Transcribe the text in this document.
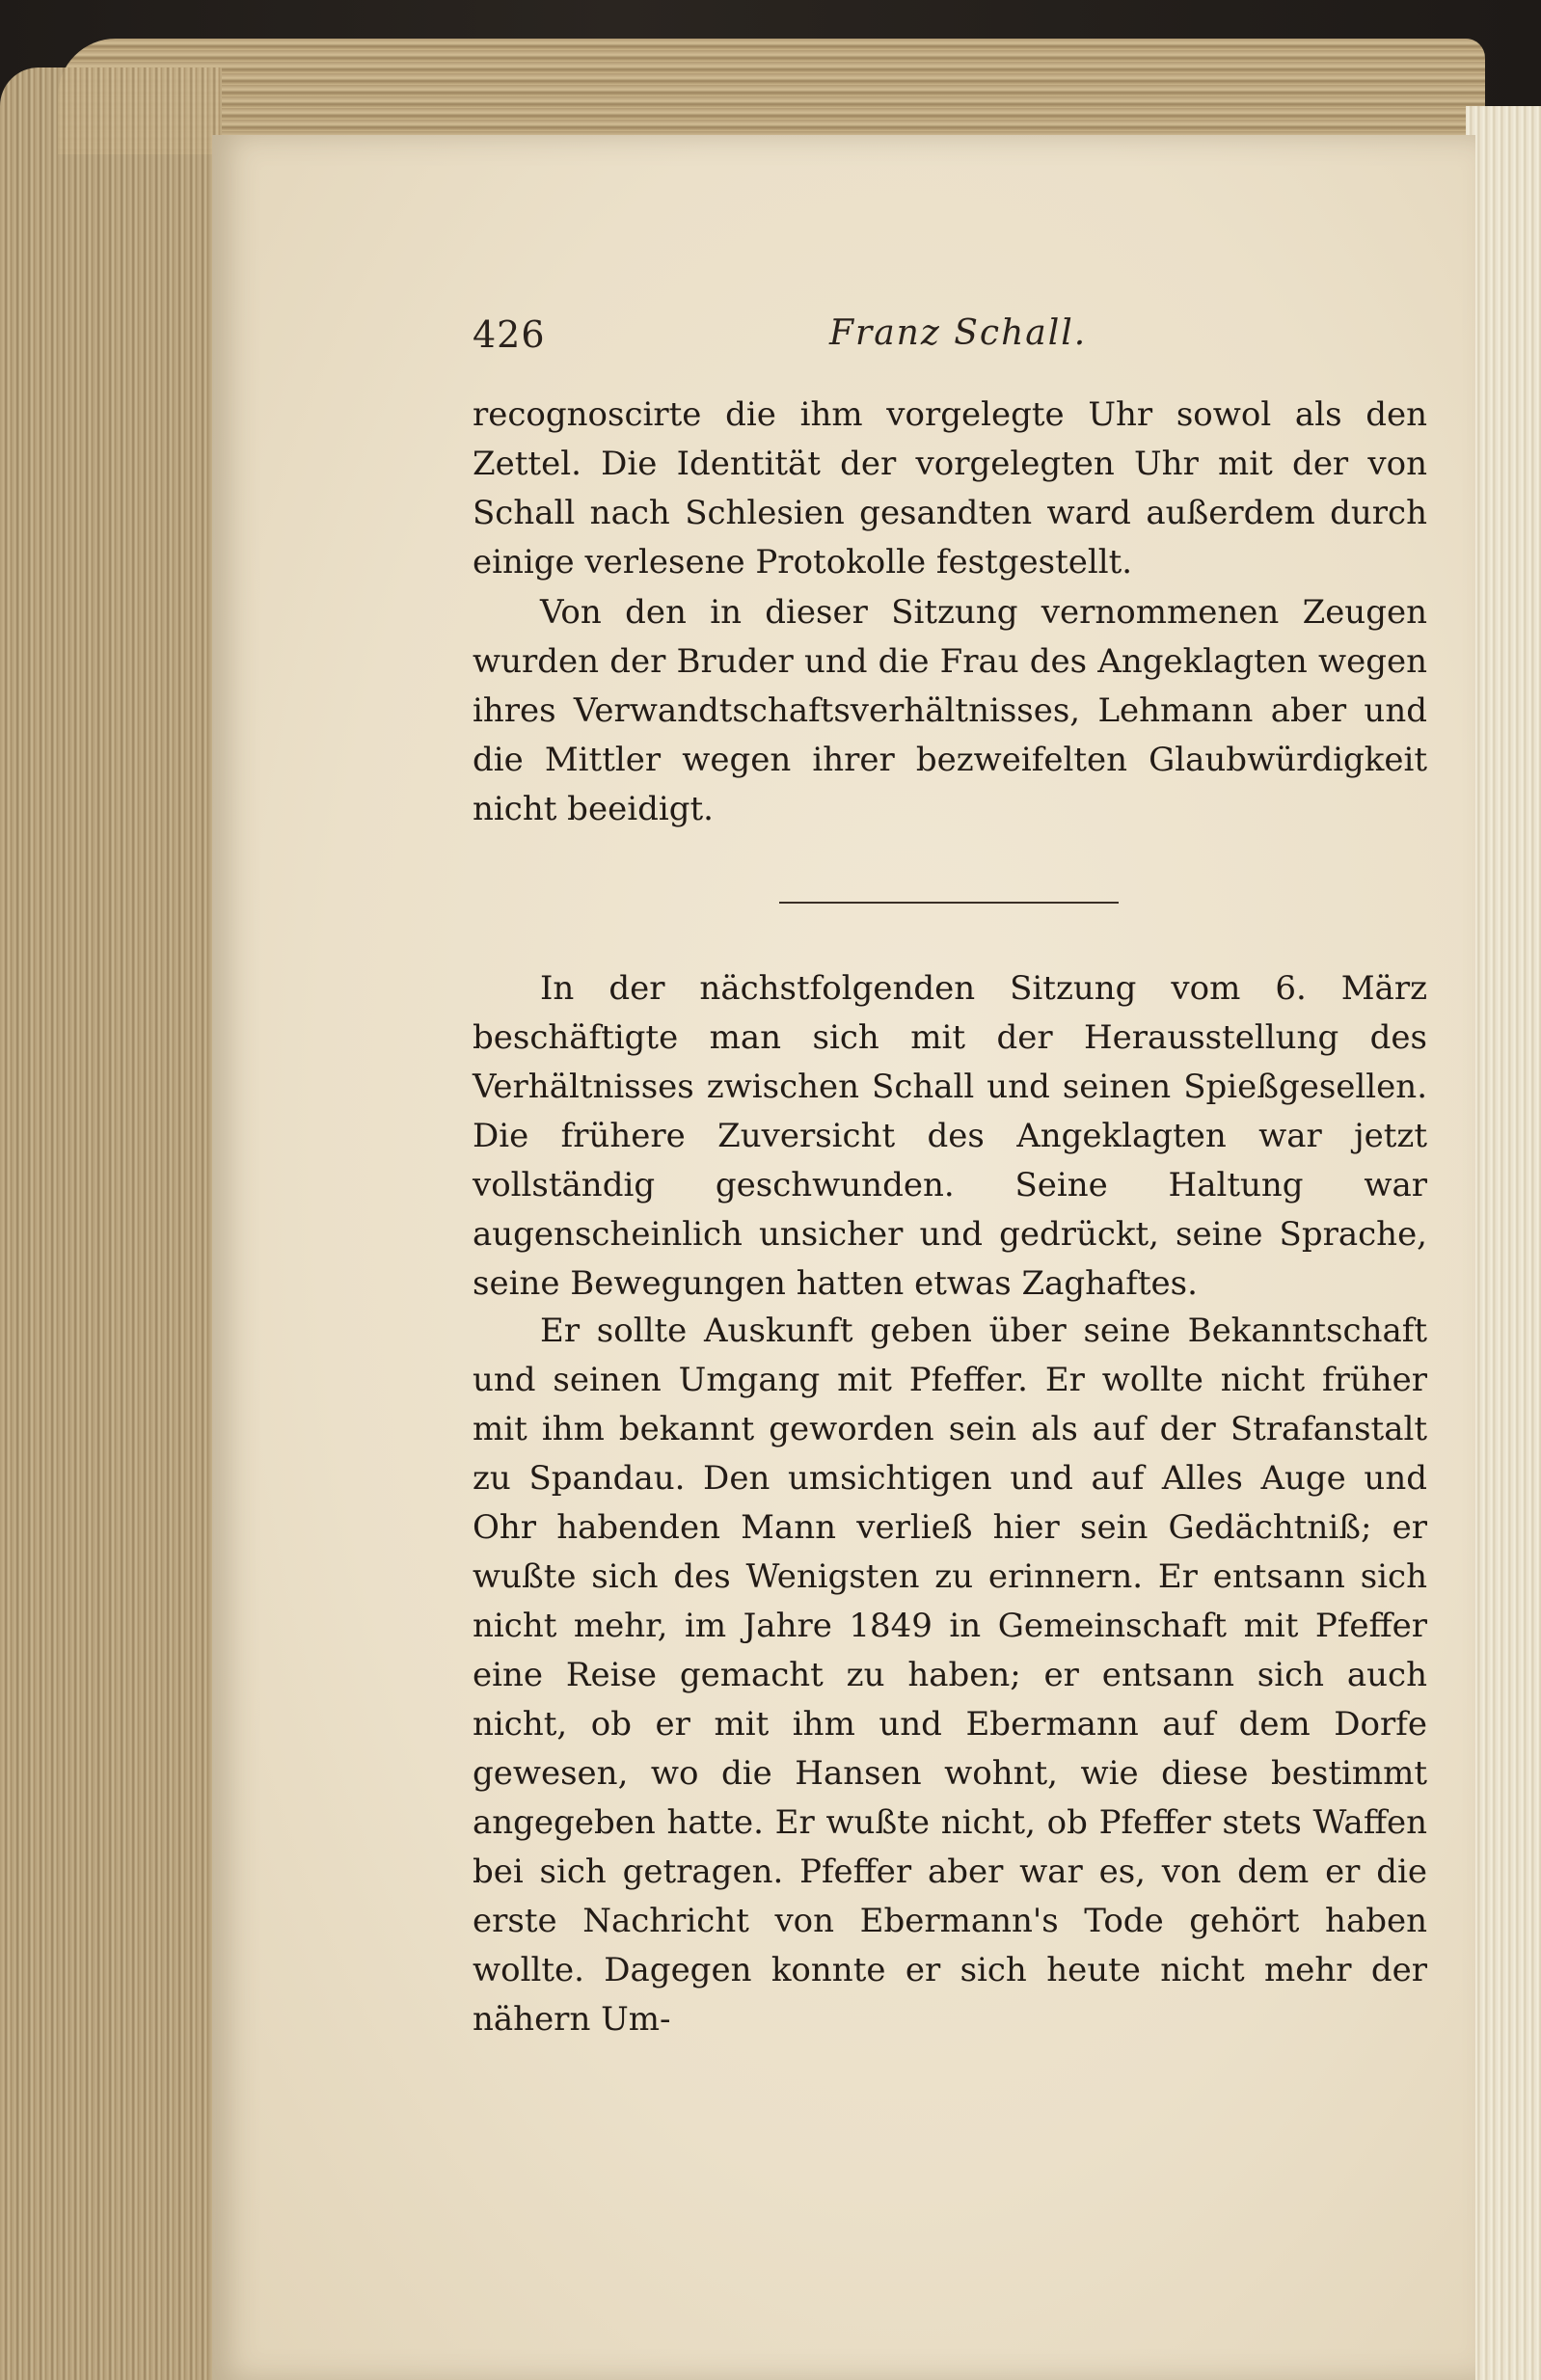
426	Franz Schall.

recognoscirte die ihm vorgelegte Uhr sowol als den Zettel. Die Identität der vorgelegten Uhr mit der von Schall nach Schlesien gesandten ward außerdem durch einige verlesene Protokolle festgestellt.

Von den in dieser Sitzung vernommenen Zeugen wurden der Bruder und die Frau des Angeklagten wegen ihres Verwandtschaftsverhältnisses, Lehmann aber und die Mittler wegen ihrer bezweifelten Glaubwürdigkeit nicht beeidigt.

In der nächstfolgenden Sitzung vom 6. März beschäftigte man sich mit der Herausstellung des Verhältnisses zwischen Schall und seinen Spießgesellen. Die frühere Zuversicht des Angeklagten war jetzt vollständig geschwunden. Seine Haltung war augenscheinlich unsicher und gedrückt, seine Sprache, seine Bewegungen hatten etwas Zaghaftes.

Er sollte Auskunft geben über seine Bekanntschaft und seinen Umgang mit Pfeffer. Er wollte nicht früher mit ihm bekannt geworden sein als auf der Strafanstalt zu Spandau. Den umsichtigen und auf Alles Auge und Ohr habenden Mann verließ hier sein Gedächtniß; er wußte sich des Wenigsten zu erinnern. Er entsann sich nicht mehr, im Jahre 1849 in Gemeinschaft mit Pfeffer eine Reise gemacht zu haben; er entsann sich auch nicht, ob er mit ihm und Ebermann auf dem Dorfe gewesen, wo die Hansen wohnt, wie diese bestimmt angegeben hatte. Er wußte nicht, ob Pfeffer stets Waffen bei sich getragen. Pfeffer aber war es, von dem er die erste Nachricht von Ebermann's Tode gehört haben wollte. Dagegen konnte er sich heute nicht mehr der nähern Um-
